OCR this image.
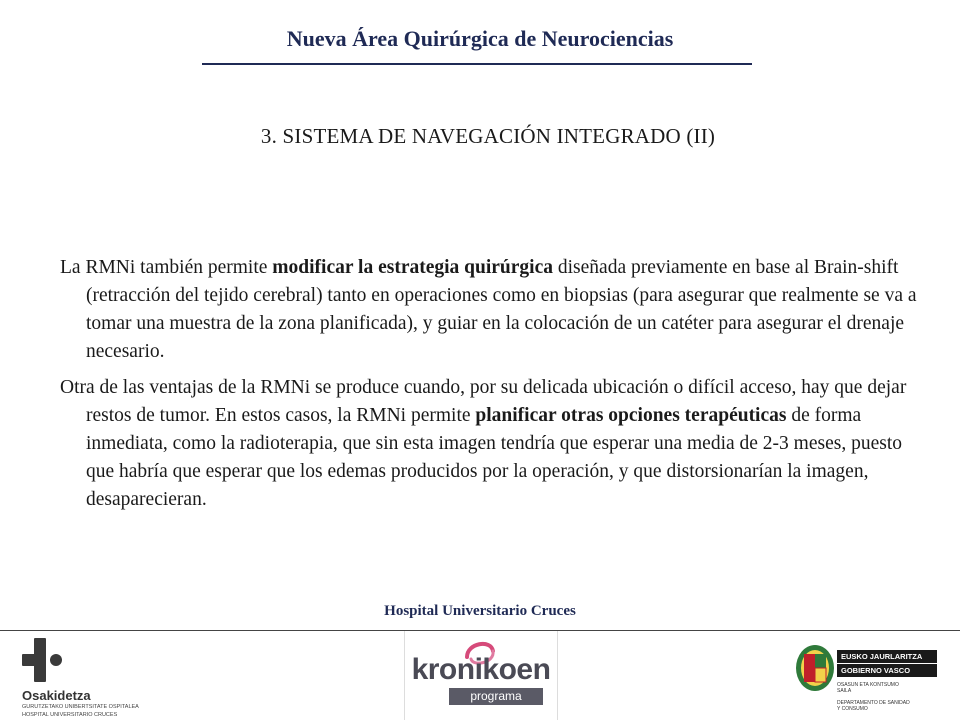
Nueva Área Quirúrgica de Neurociencias
3. SISTEMA DE NAVEGACIÓN INTEGRADO (II)

La RMNi también permite modificar la estrategia quirúrgica diseñada previamente en base al Brain-shift (retracción del tejido cerebral) tanto en operaciones como en biopsias (para asegurar que realmente se va a tomar una muestra de la zona planificada), y guiar en la colocación de un catéter para asegurar el drenaje necesario.

Otra de las ventajas de la RMNi se produce cuando, por su delicada ubicación o difícil acceso, hay que dejar restos de tumor. En estos casos, la RMNi permite planificar otras opciones terapéuticas de forma inmediata, como la radioterapia, que sin esta imagen tendría que esperar una media de 2-3 meses, puesto que habría que esperar que los edemas producidos por la operación, y que distorsionarían la imagen, desaparecieran.

Hospital Universitario Cruces
Osakidetza
GURUTZETAKO UNIBERTSITATE OSPITALEA
HOSPITAL UNIVERSITARIO CRUCES
kronikoen
programa
EUSKO JAURLARITZA
GOBIERNO VASCO
OSASUN ETA KONTSUMO
SAILA
DEPARTAMENTO DE SANIDAD
Y CONSUMO
